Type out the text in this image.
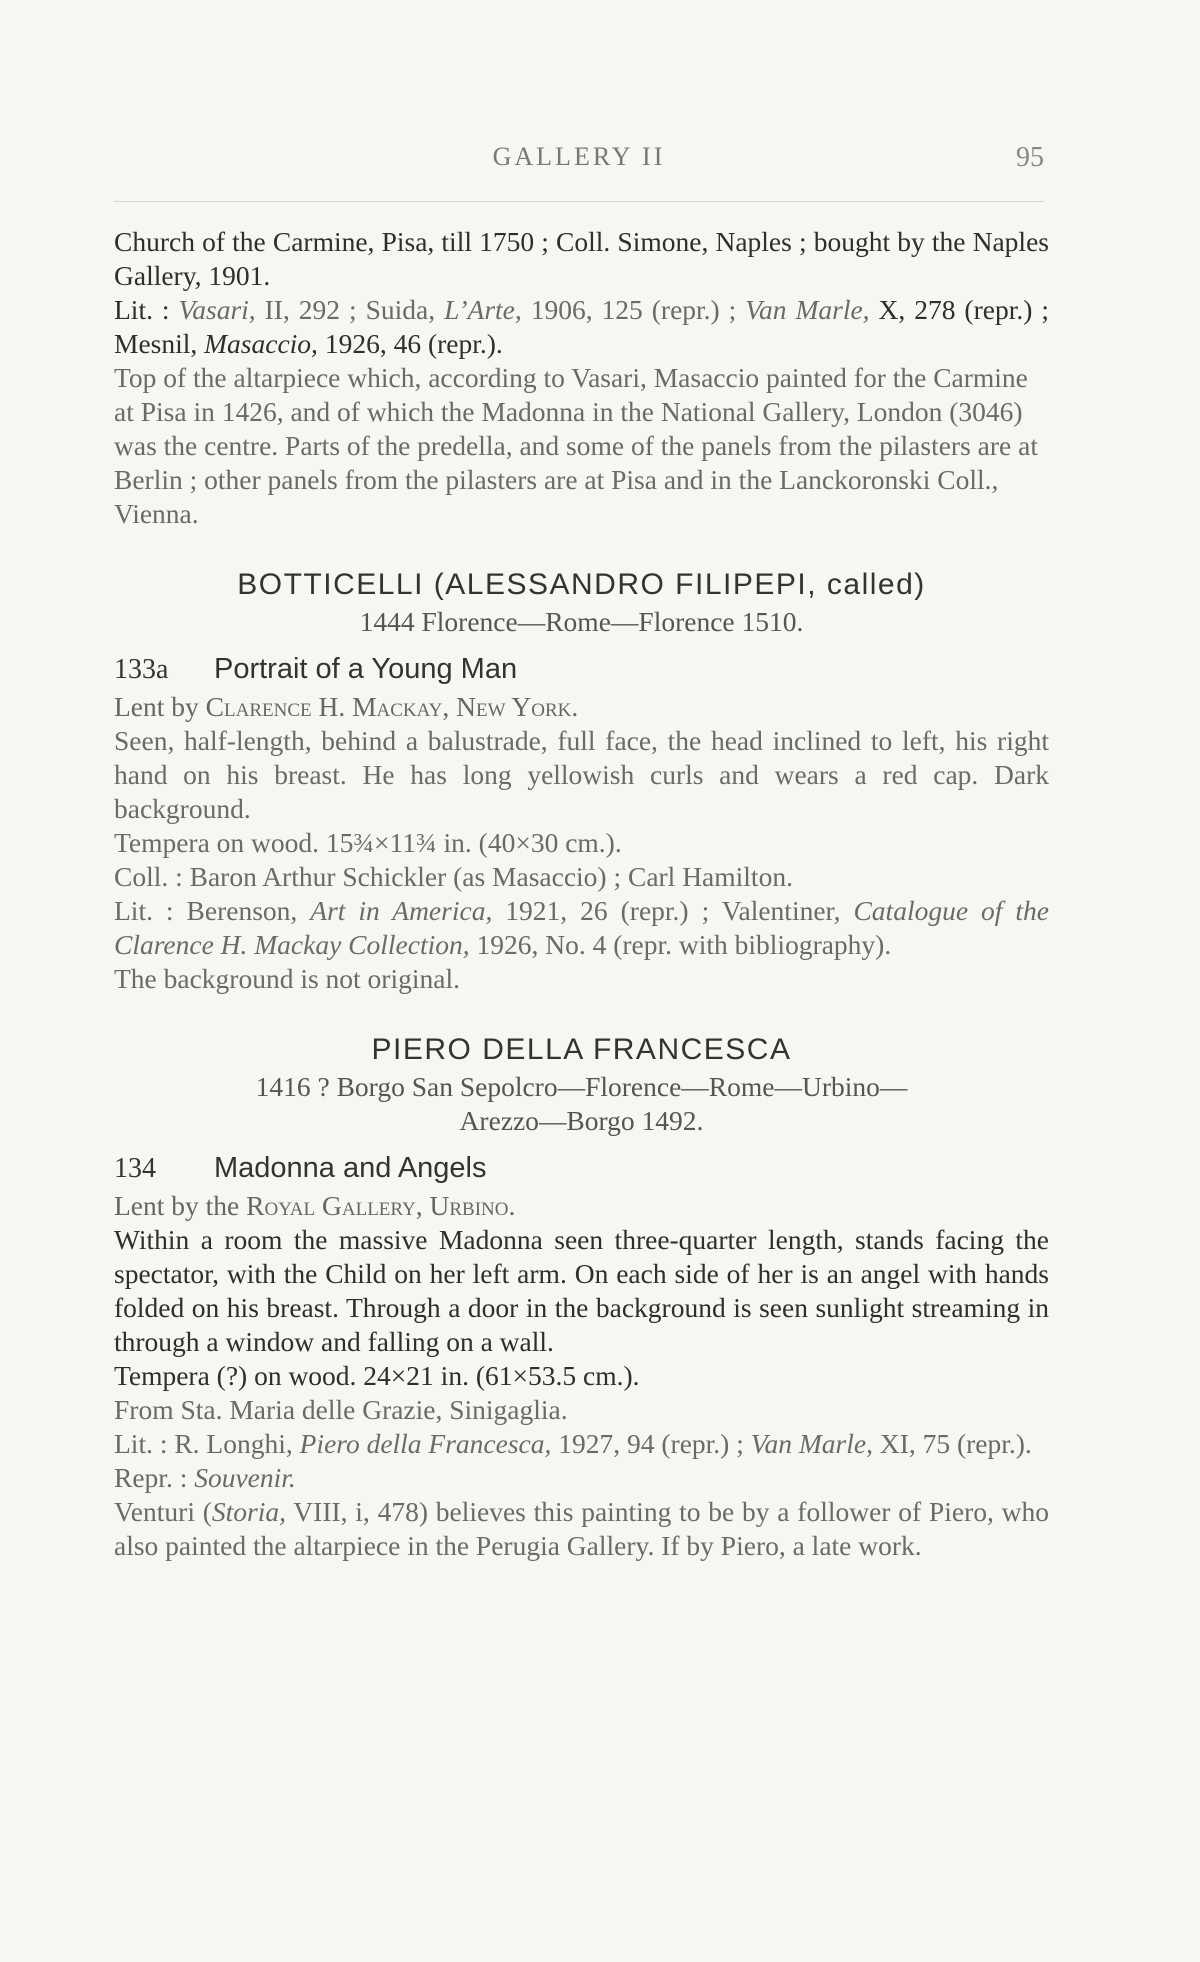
GALLERY II	95

Church of the Carmine, Pisa, till 1750 ; Coll. Simone, Naples ; bought by the Naples Gallery, 1901.

Lit. : Vasari, II, 292 ; Suida, L’Arte, 1906, 125 (repr.) ; Van Marle, X, 278 (repr.) ; Mesnil, Masaccio, 1926, 46 (repr.).

Top of the altarpiece which, according to Vasari, Masaccio painted for the Carmine at Pisa in 1426, and of which the Madonna in the National Gallery, London (3046) was the centre. Parts of the predella, and some of the panels from the pilasters are at Berlin ; other panels from the pilasters are at Pisa and in the Lanckoronski Coll., Vienna.

BOTTICELLI (ALESSANDRO FILIPEPI, called)
1444 Florence—Rome—Florence 1510.
133a Portrait of a Young Man

Lent by Clarence H. Mackay, New York.

Seen, half-length, behind a balustrade, full face, the head inclined to left, his right hand on his breast. He has long yellowish curls and wears a red cap. Dark background.

Tempera on wood. 15¾×11¾ in. (40×30 cm.).

Coll. : Baron Arthur Schickler (as Masaccio) ; Carl Hamilton.

Lit. : Berenson, Art in America, 1921, 26 (repr.) ; Valentiner, Catalogue of the Clarence H. Mackay Collection, 1926, No. 4 (repr. with bibliography).

The background is not original.

PIERO DELLA FRANCESCA
1416 ? Borgo San Sepolcro—Florence—Rome—Urbino—
Arezzo—Borgo 1492.
134 Madonna and Angels

Lent by the Royal Gallery, Urbino.

Within a room the massive Madonna seen three-quarter length, stands facing the spectator, with the Child on her left arm. On each side of her is an angel with hands folded on his breast. Through a door in the background is seen sunlight streaming in through a window and falling on a wall.

Tempera (?) on wood. 24×21 in. (61×53.5 cm.).

From Sta. Maria delle Grazie, Sinigaglia.

Lit. : R. Longhi, Piero della Francesca, 1927, 94 (repr.) ; Van Marle, XI, 75 (repr.).

Repr. : Souvenir.

Venturi (Storia, VIII, i, 478) believes this painting to be by a follower of Piero, who also painted the altarpiece in the Perugia Gallery. If by Piero, a late work.
